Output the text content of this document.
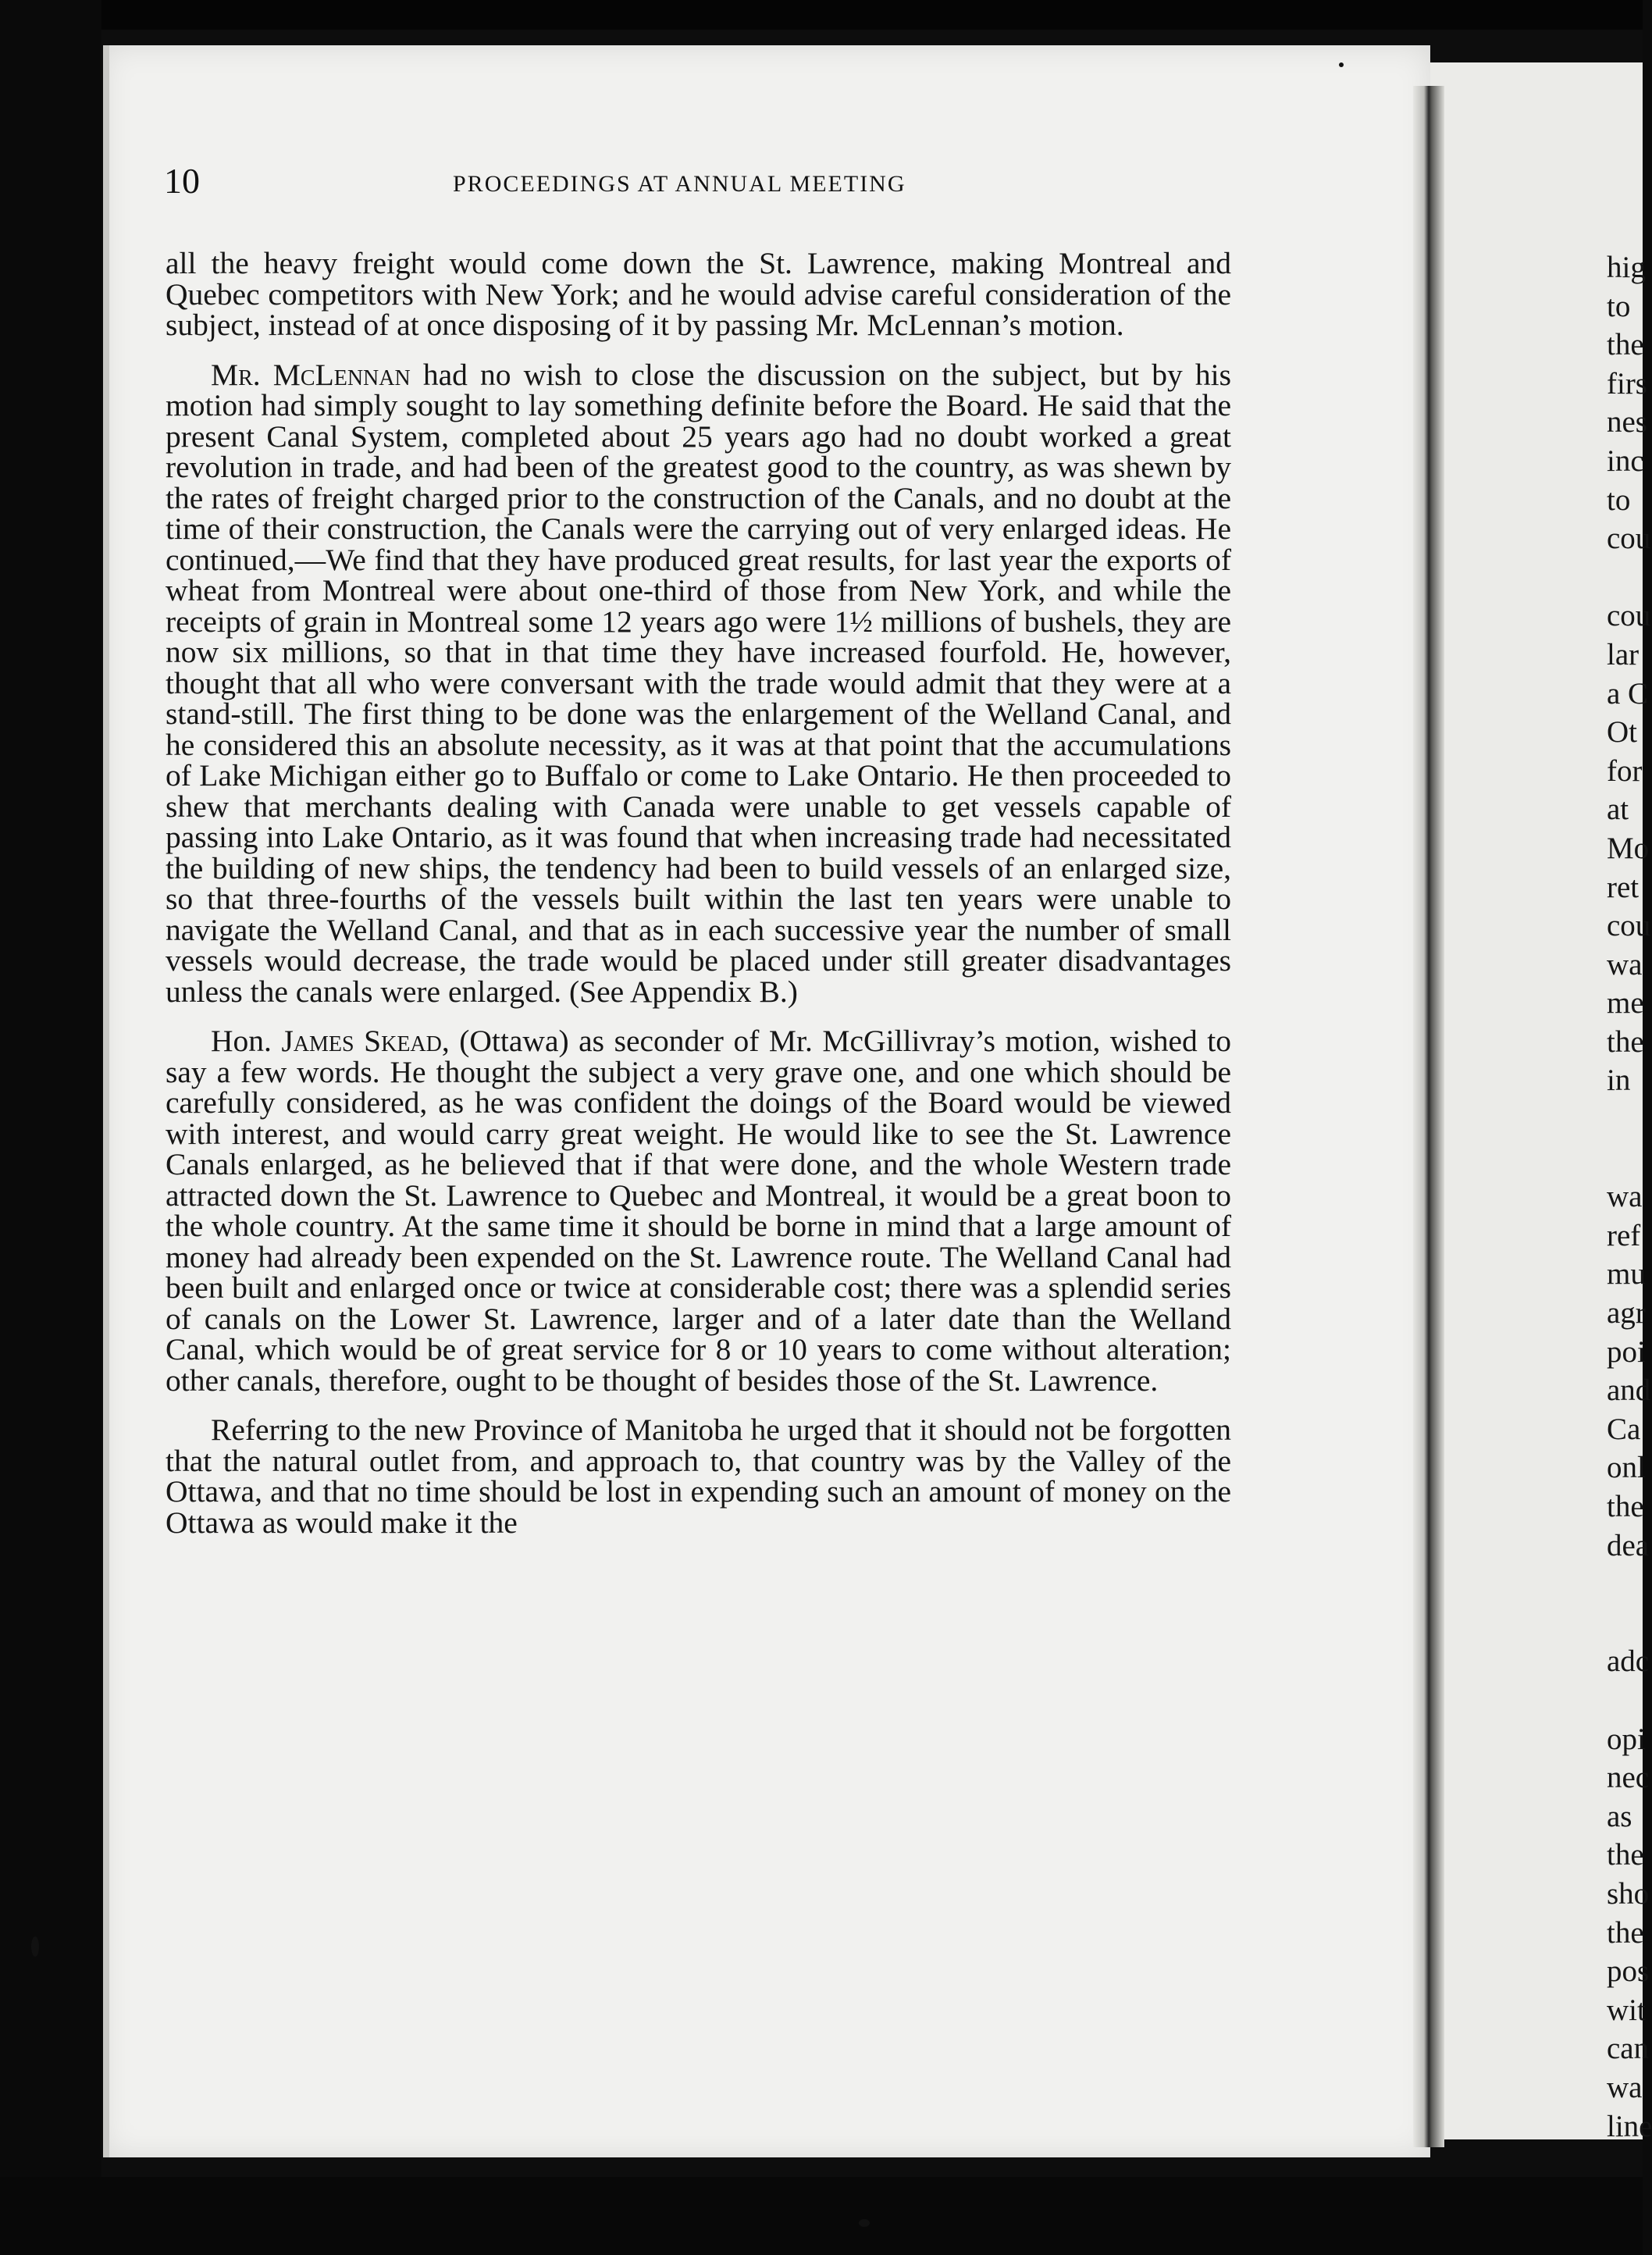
10	PROCEEDINGS AT ANNUAL MEETING

all the heavy freight would come down the St. Lawrence, making Montreal and Quebec competitors with New York; and he would advise careful consideration of the subject, instead of at once disposing of it by passing Mr. McLennan’s motion.

Mr. McLennan had no wish to close the discussion on the subject, but by his motion had simply sought to lay something definite before the Board. He said that the present Canal System, completed about 25 years ago had no doubt worked a great revolution in trade, and had been of the greatest good to the country, as was shewn by the rates of freight charged prior to the construction of the Canals, and no doubt at the time of their construction, the Canals were the carrying out of very enlarged ideas. He continued,—We find that they have produced great results, for last year the exports of wheat from Montreal were about one-third of those from New York, and while the receipts of grain in Montreal some 12 years ago were 1½ millions of bushels, they are now six millions, so that in that time they have increased fourfold. He, however, thought that all who were conversant with the trade would admit that they were at a stand-still. The first thing to be done was the enlargement of the Welland Canal, and he considered this an absolute necessity, as it was at that point that the accumulations of Lake Michigan either go to Buffalo or come to Lake Ontario. He then proceeded to shew that merchants dealing with Canada were unable to get vessels capable of passing into Lake Ontario, as it was found that when increasing trade had necessitated the building of new ships, the tendency had been to build vessels of an enlarged size, so that three-fourths of the vessels built within the last ten years were unable to navigate the Welland Canal, and that as in each successive year the number of small vessels would decrease, the trade would be placed under still greater disadvantages unless the canals were enlarged. (See Appendix B.)

Hon. James Skead, (Ottawa) as seconder of Mr. McGillivray’s motion, wished to say a few words. He thought the subject a very grave one, and one which should be carefully considered, as he was confident the doings of the Board would be viewed with interest, and would carry great weight. He would like to see the St. Lawrence Canals enlarged, as he believed that if that were done, and the whole Western trade attracted down the St. Lawrence to Quebec and Montreal, it would be a great boon to the whole country. At the same time it should be borne in mind that a large amount of money had already been expended on the St. Lawrence route. The Welland Canal had been built and enlarged once or twice at considerable cost; there was a splendid series of canals on the Lower St. Lawrence, larger and of a later date than the Welland Canal, which would be of great service for 8 or 10 years to come without alteration; other canals, therefore, ought to be thought of besides those of the St. Lawrence.

Referring to the new Province of Manitoba he urged that it should not be forgotten that the natural outlet from, and approach to, that country was by the Valley of the Ottawa, and that no time should be lost in expending such an amount of money on the Ottawa as would make it the

hig
to
the
firs
nes
inc
to
cou
cou
lar
a C
Ot
for
at
Mo
ret
cou
wa
me
the
in
wa
ref
mu
agr
poi
and
Ca
onl
the
dea
adc
opi
nec
as
the
sho
the
pos
wit
can
wa
line
